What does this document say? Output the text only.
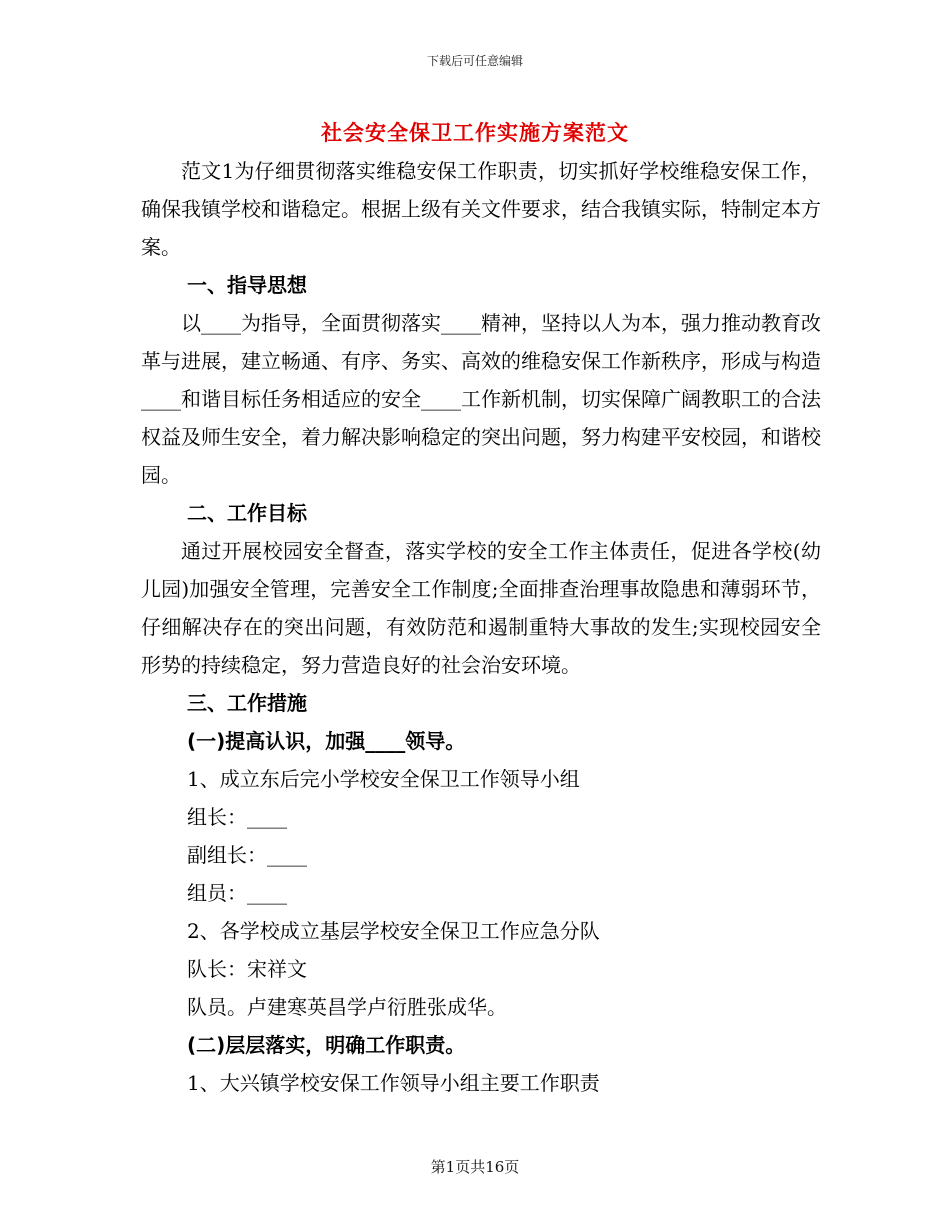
下载后可任意编辑
社会安全保卫工作实施方案范文

范文1为仔细贯彻落实维稳安保工作职责，切实抓好学校维稳安保工作，确保我镇学校和谐稳定。根据上级有关文件要求，结合我镇实际，特制定本方案。

一、指导思想

以____为指导，全面贯彻落实____精神，坚持以人为本，强力推动教育改革与进展，建立畅通、有序、务实、高效的维稳安保工作新秩序，形成与构造____和谐目标任务相适应的安全____工作新机制，切实保障广阔教职工的合法权益及师生安全，着力解决影响稳定的突出问题，努力构建平安校园，和谐校园。

二、工作目标

通过开展校园安全督查，落实学校的安全工作主体责任，促进各学校(幼儿园)加强安全管理，完善安全工作制度;全面排查治理事故隐患和薄弱环节，仔细解决存在的突出问题，有效防范和遏制重特大事故的发生;实现校园安全形势的持续稳定，努力营造良好的社会治安环境。

三、工作措施

(一)提高认识，加强____领导。

1、成立东后完小学校安全保卫工作领导小组

组长：____

副组长：____

组员：____

2、各学校成立基层学校安全保卫工作应急分队

队长：宋祥文

队员。卢建寒英昌学卢衍胜张成华。

(二)层层落实，明确工作职责。

1、大兴镇学校安保工作领导小组主要工作职责

第1页共16页
